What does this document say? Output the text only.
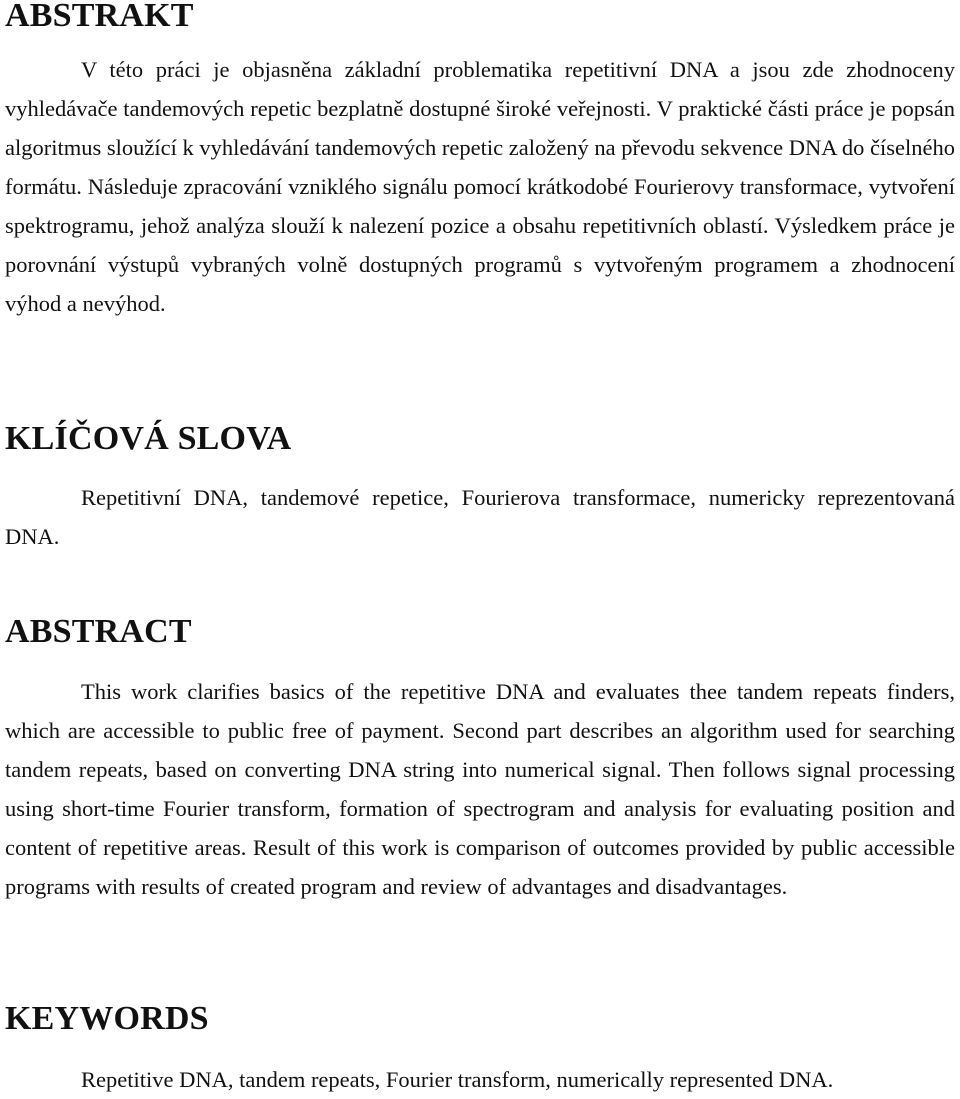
ABSTRAKT

V této práci je objasněna základní problematika repetitivní DNA a jsou zde zhodnoceny vyhledávače tandemových repetic bezplatně dostupné široké veřejnosti. V praktické části práce je popsán algoritmus sloužící k vyhledávání tandemových repetic založený na převodu sekvence DNA do číselného formátu. Následuje zpracování vzniklého signálu pomocí krátkodobé Fourierovy transformace, vytvoření spektrogramu, jehož analýza slouží k nalezení pozice a obsahu repetitivních oblastí. Výsledkem práce je porovnání výstupů vybraných volně dostupných programů s vytvořeným programem a zhodnocení výhod a nevýhod.

KLÍČOVÁ SLOVA

Repetitivní DNA, tandemové repetice, Fourierova transformace, numericky reprezentovaná DNA.

ABSTRACT

This work clarifies basics of the repetitive DNA and evaluates thee tandem repeats finders, which are accessible to public free of payment. Second part describes an algorithm used for searching tandem repeats, based on converting DNA string into numerical signal. Then follows signal processing using short-time Fourier transform, formation of spectrogram and analysis for evaluating position and content of repetitive areas. Result of this work is comparison of outcomes provided by public accessible programs with results of created program and review of advantages and disadvantages.

KEYWORDS

Repetitive DNA, tandem repeats, Fourier transform, numerically represented DNA.
